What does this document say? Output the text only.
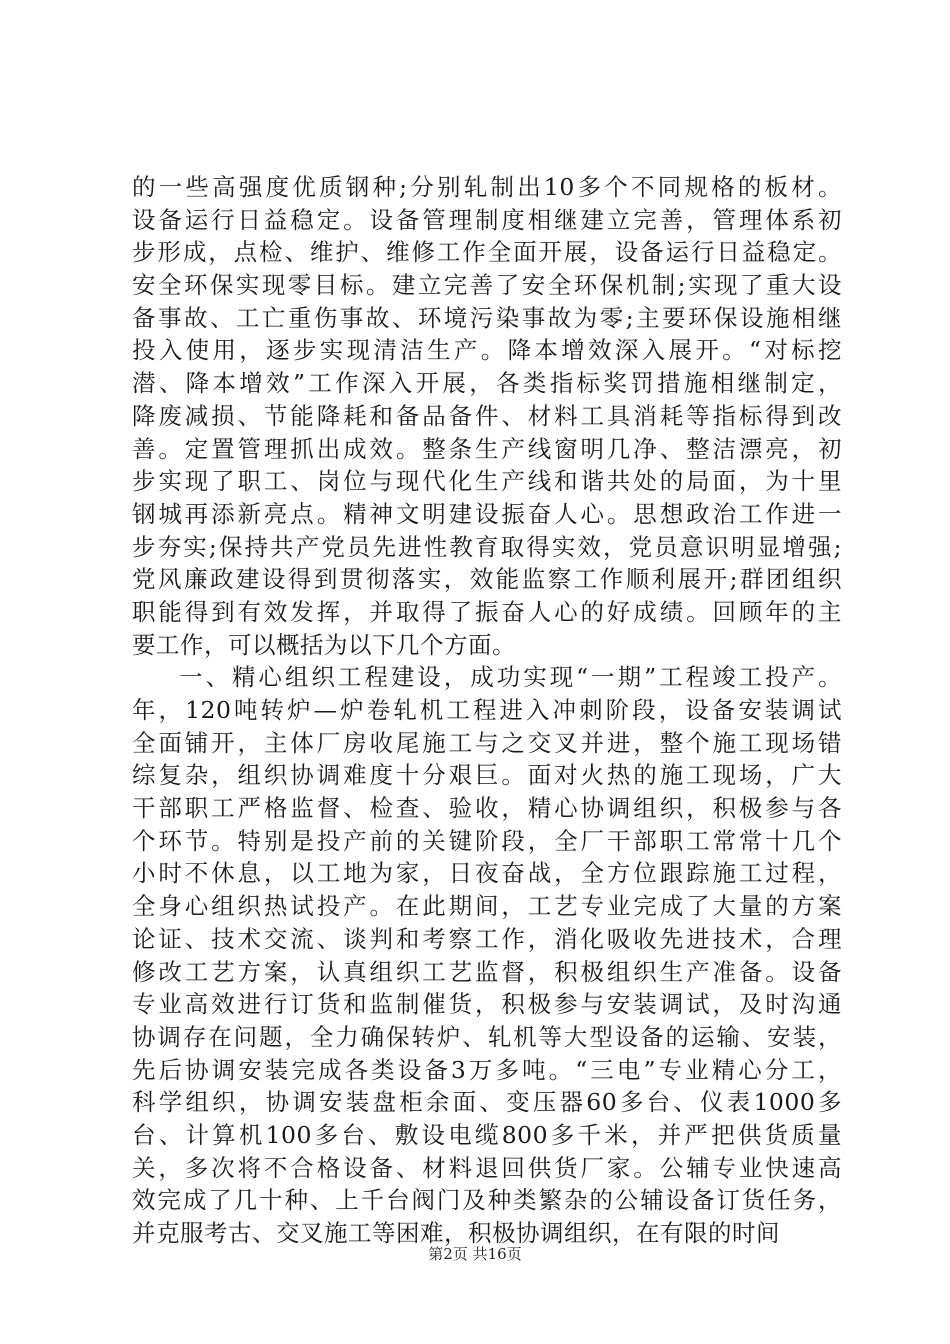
的一些高强度优质钢种;分别轧制出10多个不同规格的板材。
设备运行日益稳定。设备管理制度相继建立完善，管理体系初
步形成，点检、维护、维修工作全面开展，设备运行日益稳定。
安全环保实现零目标。建立完善了安全环保机制;实现了重大设
备事故、工亡重伤事故、环境污染事故为零;主要环保设施相继
投入使用，逐步实现清洁生产。降本增效深入展开。“对标挖
潜、降本增效”工作深入开展，各类指标奖罚措施相继制定，
降废减损、节能降耗和备品备件、材料工具消耗等指标得到改
善。定置管理抓出成效。整条生产线窗明几净、整洁漂亮，初
步实现了职工、岗位与现代化生产线和谐共处的局面，为十里
钢城再添新亮点。精神文明建设振奋人心。思想政治工作进一
步夯实;保持共产党员先进性教育取得实效，党员意识明显增强;
党风廉政建设得到贯彻落实，效能监察工作顺利展开;群团组织
职能得到有效发挥，并取得了振奋人心的好成绩。回顾年的主
要工作，可以概括为以下几个方面。
一、精心组织工程建设，成功实现“一期”工程竣工投产。
年，120吨转炉—炉卷轧机工程进入冲刺阶段，设备安装调试
全面铺开，主体厂房收尾施工与之交叉并进，整个施工现场错
综复杂，组织协调难度十分艰巨。面对火热的施工现场，广大
干部职工严格监督、检查、验收，精心协调组织，积极参与各
个环节。特别是投产前的关键阶段，全厂干部职工常常十几个
小时不休息，以工地为家，日夜奋战，全方位跟踪施工过程，
全身心组织热试投产。在此期间，工艺专业完成了大量的方案
论证、技术交流、谈判和考察工作，消化吸收先进技术，合理
修改工艺方案，认真组织工艺监督，积极组织生产准备。设备
专业高效进行订货和监制催货，积极参与安装调试，及时沟通
协调存在问题，全力确保转炉、轧机等大型设备的运输、安装，
先后协调安装完成各类设备3万多吨。“三电”专业精心分工，
科学组织，协调安装盘柜余面、变压器60多台、仪表1000多
台、计算机100多台、敷设电缆800多千米，并严把供货质量
关，多次将不合格设备、材料退回供货厂家。公辅专业快速高
效完成了几十种、上千台阀门及种类繁杂的公辅设备订货任务，
并克服考古、交叉施工等困难，积极协调组织，在有限的时间
第2页 共16页
